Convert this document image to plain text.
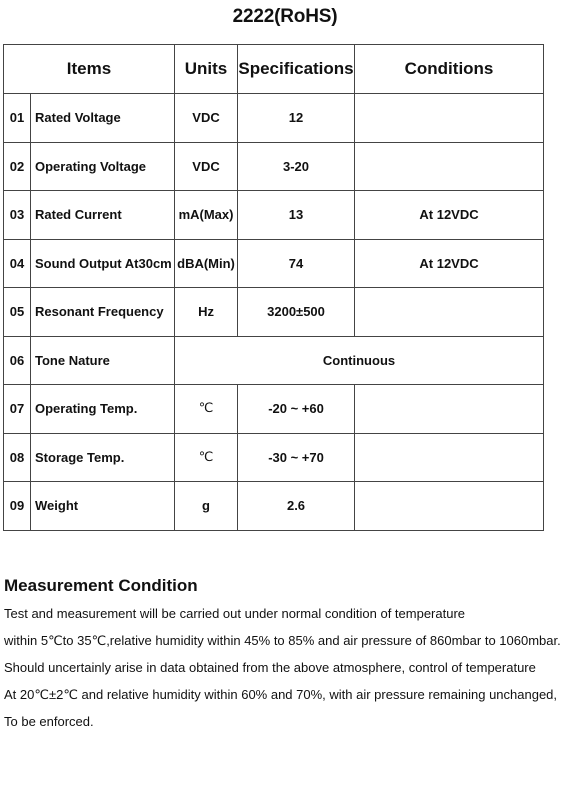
2222(RoHS)
Items		Units	Specifications	Conditions
01	Rated Voltage	VDC	12	
02	Operating Voltage	VDC	3-20	
03	Rated Current	mA(Max)	13	At 12VDC
04	Sound Output At30cm	dBA(Min)	74	At 12VDC
05	Resonant Frequency	Hz	3200±500	
06	Tone Nature	Continuous		
07	Operating Temp.	℃	-20 ~ +60	
08	Storage Temp.	℃	-30 ~ +70	
09	Weight	g	2.6	
Measurement Condition
Test and measurement will be carried out under normal condition of temperature
within 5℃to 35℃,relative humidity within 45% to 85% and air pressure of 860mbar to 1060mbar.
Should uncertainly arise in data obtained from the above atmosphere, control of temperature
At 20℃±2℃ and relative humidity within 60% and 70%, with air pressure remaining unchanged,
To be enforced.
